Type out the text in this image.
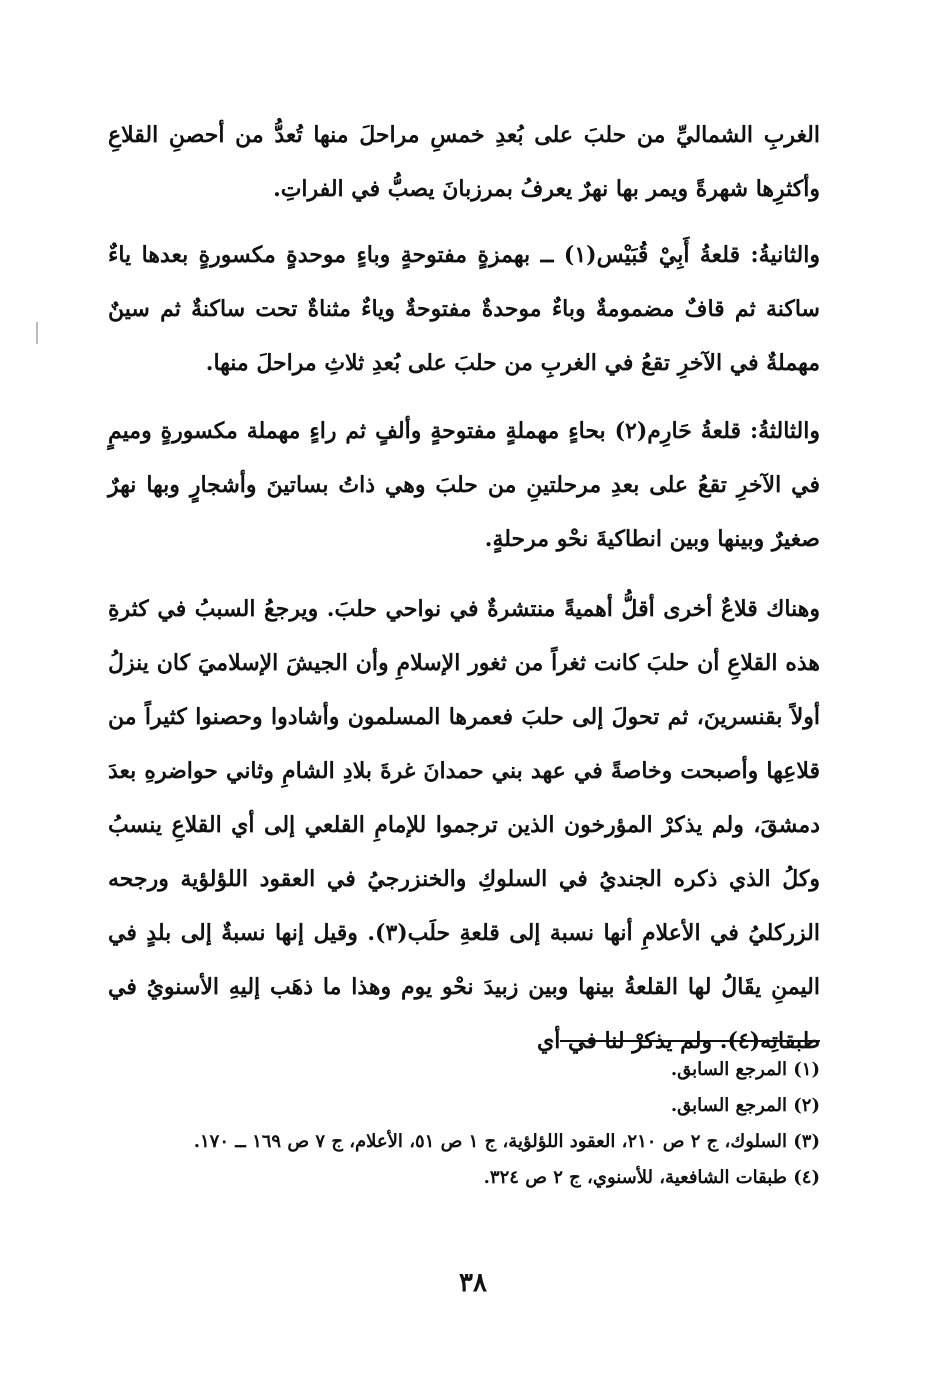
الغربِ الشماليِّ من حلبَ على بُعدِ خمسِ مراحلَ منها تُعدُّ من أحصنِ القلاعِ وأكثرِها شهرةً ويمر بها نهرٌ يعرفُ بمرزبانَ يصبُّ في الفراتِ.

والثانيةُ: قلعةُ أَبِيْ قُبَيْس(١) ــ بهمزةٍ مفتوحةٍ وباءٍ موحدةٍ مكسورةٍ بعدها ياءٌ ساكنة ثم قافٌ مضمومةٌ وباءٌ موحدةٌ مفتوحةٌ وياءٌ مثناةٌ تحت ساكنةٌ ثم سينٌ مهملةٌ في الآخرِ تقعُ في الغربِ من حلبَ على بُعدِ ثلاثِ مراحلَ منها.

والثالثةُ: قلعةُ حَارِم(٢) بحاءٍ مهملةٍ مفتوحةٍ وألفٍ ثم راءٍ مهملة مكسورةٍ وميمٍ في الآخرِ تقعُ على بعدِ مرحلتينِ من حلبَ وهي ذاتُ بساتينَ وأشجارٍ وبها نهرٌ صغيرٌ وبينها وبين انطاكيةَ نحْو مرحلةٍ.

وهناك قلاعٌ أخرى أقلُّ أهميةً منتشرةٌ في نواحي حلبَ. ويرجعُ السببُ في كثرةِ هذه القلاعِ أن حلبَ كانت ثغراً من ثغور الإسلامِ وأن الجيشَ الإسلاميَ كان ينزلُ أولاً بقنسرينَ، ثم تحولَ إلى حلبَ فعمرها المسلمون وأشادوا وحصنوا كثيراً من قلاعِها وأصبحت وخاصةً في عهد بني حمدانَ غرةَ بلادِ الشامِ وثاني حواضرهِ بعدَ دمشقَ، ولم يذكرْ المؤرخون الذين ترجموا للإمامِ القلعي إلى أي القلاعِ ينسبُ وكلُ الذي ذكره الجنديُ في السلوكِ والخنزرجيُ في العقود اللؤلؤية ورجحه الزركليُ في الأعلامِ أنها نسبة إلى قلعةِ حلَب(٣). وقيل إنها نسبةٌ إلى بلدٍ في اليمنِ يقَالُ لها القلعةُ بينها وبين زبيدَ نحْو يوم وهذا ما ذهَب إليهِ الأسنويُ في طبقاتِه(٤). ولم يذكرْ لنا في أي

(١) المرجع السابق.

(٢) المرجع السابق.

(٣) السلوك، ج ٢ ص ٢١٠، العقود اللؤلؤية، ج ١ ص ٥١، الأعلام، ج ٧ ص ١٦٩ ــ ١٧٠.

(٤) طبقات الشافعية، للأسنوي، ج ٢ ص ٣٢٤.

٣٨
